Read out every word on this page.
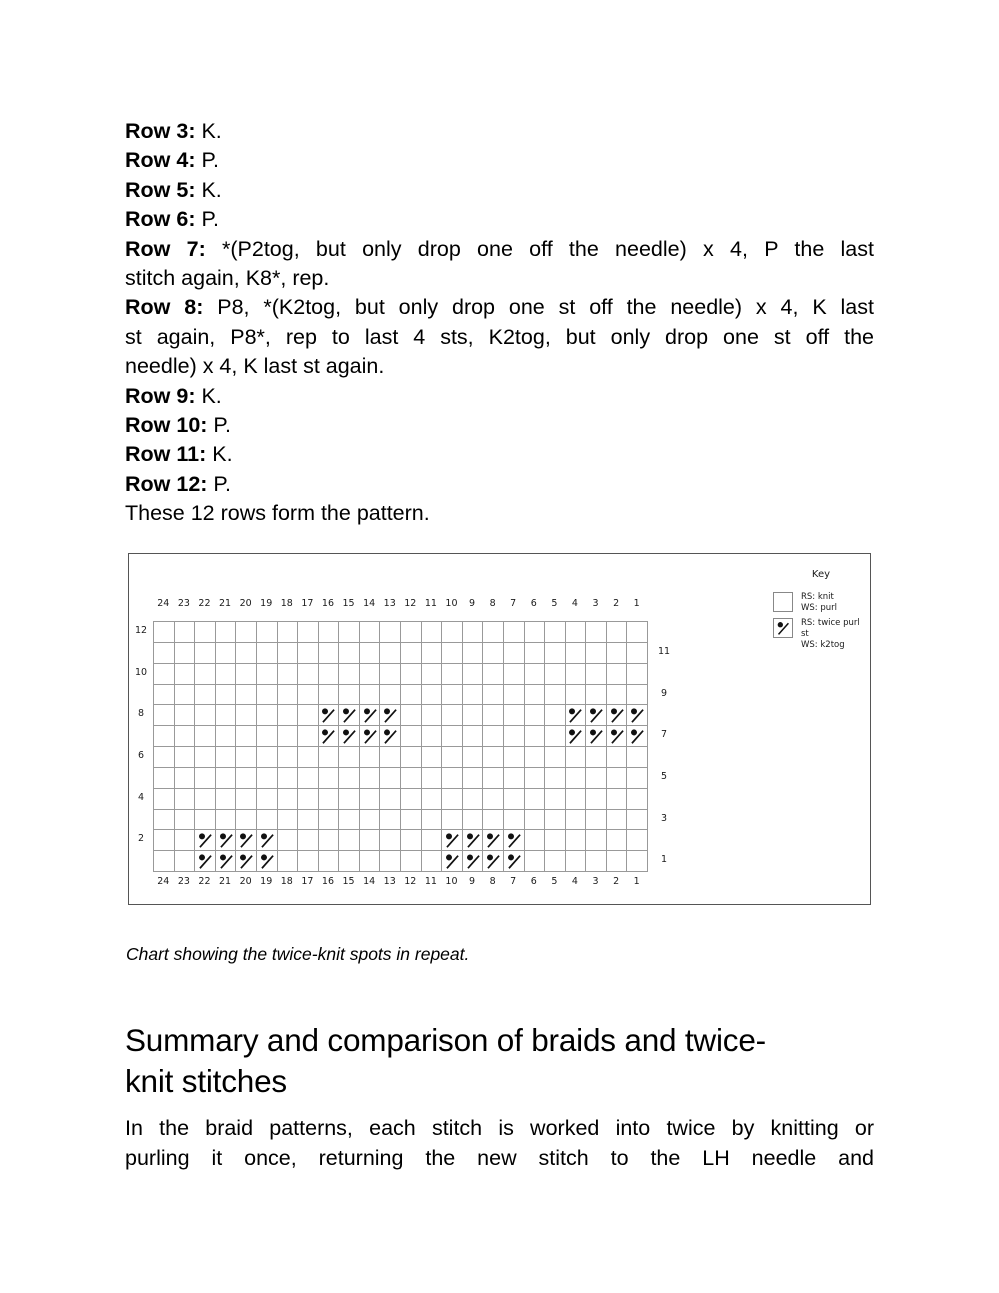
Row 3: K.

Row 4: P.

Row 5: K.

Row 6: P.

Row 7: *(P2tog, but only drop one off the needle) x 4, P the last

stitch again, K8*, rep.

Row 8: P8, *(K2tog, but only drop one st off the needle) x 4, K last

st again, P8*, rep to last 4 sts, K2tog, but only drop one st off the

needle) x 4, K last st again.

Row 9: K.

Row 10: P.

Row 11: K.

Row 12: P.

These 12 rows form the pattern.

Key
24 23 22 21 20 19 18 17 16 15 14 13 12 11 10	9	8	7	6	5	4	3	2	1
24 23 22 21 20 19 18 17 16 15 14 13 12 11 10	9	8	7	6	5	4	3	2	1
12
10
8
6
4
2
11
9
7
5
3
1
RS: knit
WS: purl
RS: twice purl st
WS: k2tog

Chart showing the twice-knit spots in repeat.

Summary and comparison of braids and twice-
knit stitches

In the braid patterns, each stitch is worked into twice by knitting or

purling it once, returning the new stitch to the LH needle and
